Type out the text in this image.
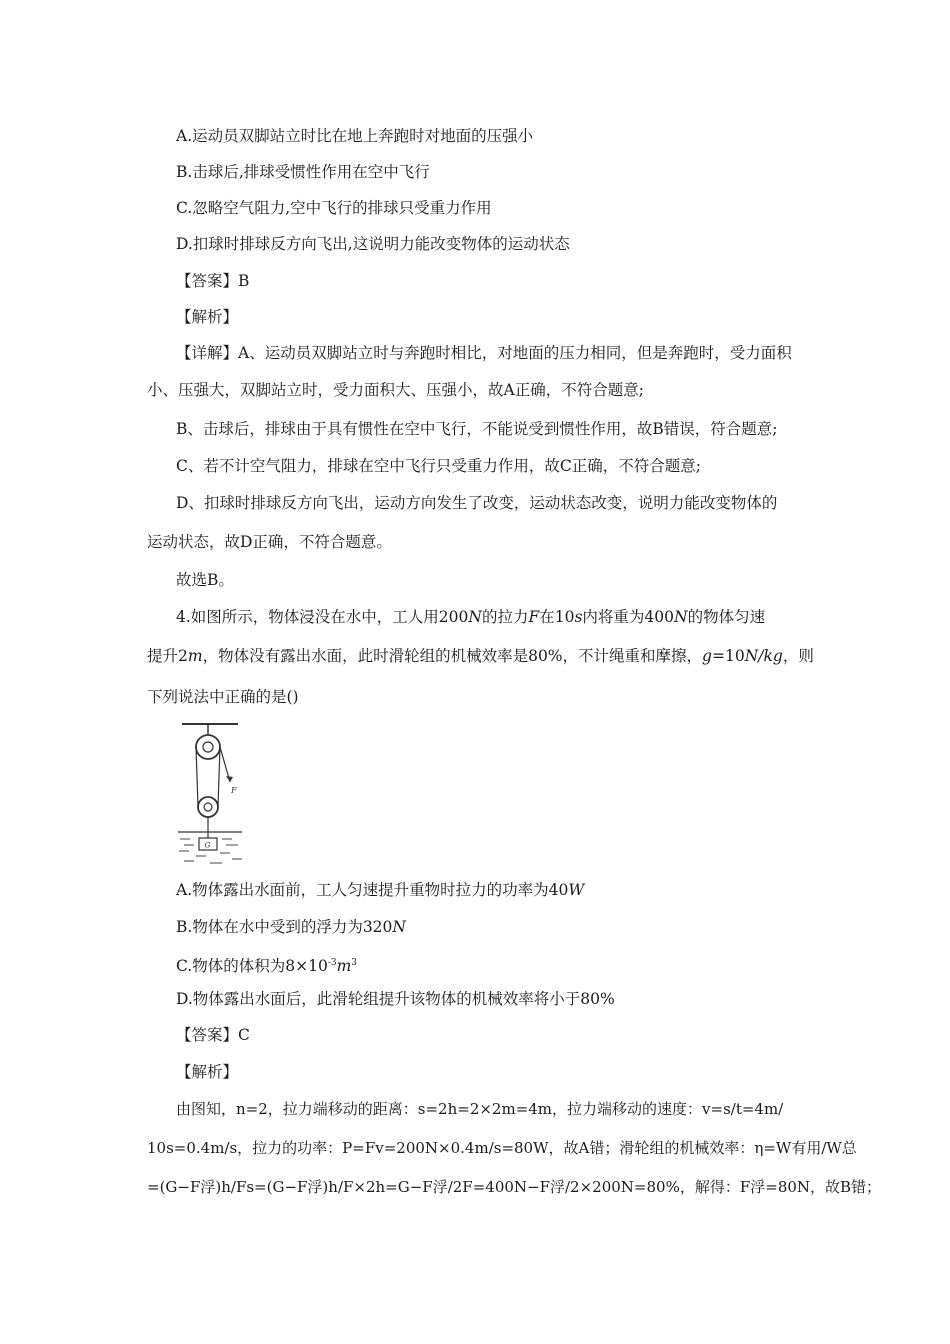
A.运动员双脚站立时比在地上奔跑时对地面的压强小
B.击球后,排球受惯性作用在空中飞行
C.忽略空气阻力,空中飞行的排球只受重力作用
D.扣球时排球反方向飞出,这说明力能改变物体的运动状态
【答案】B
【解析】
【详解】A、运动员双脚站立时与奔跑时相比，对地面的压力相同，但是奔跑时，受力面积
小、压强大，双脚站立时，受力面积大、压强小，故A正确，不符合题意;
B、击球后，排球由于具有惯性在空中飞行，不能说受到惯性作用，故B错误，符合题意;
C、若不计空气阻力，排球在空中飞行只受重力作用，故C正确，不符合题意;
D、扣球时排球反方向飞出，运动方向发生了改变，运动状态改变，说明力能改变物体的
运动状态，故D正确，不符合题意。
故选B。
4.如图所示，物体浸没在水中，工人用200N的拉力F在10s内将重为400N的物体匀速
提升2m，物体没有露出水面，此时滑轮组的机械效率是80%，不计绳重和摩擦，g=10N/kg，则
下列说法中正确的是()
F
G
A.物体露出水面前，工人匀速提升重物时拉力的功率为40W
B.物体在水中受到的浮力为320N
C.物体的体积为$8\times 10^{-3}m^3$
D.物体露出水面后，此滑轮组提升该物体的机械效率将小于80%
【答案】C
【解析】
由图知，n=2，拉力端移动的距离：s=2h=2×2m=4m，拉力端移动的速度：v=s/t=4m/
10s=0.4m/s，拉力的功率：P=Fv=200N×0.4m/s=80W，故A错；滑轮组的机械效率：η=W有用/W总
=(G−F浮)h/Fs=(G−F浮)h/F×2h=G−F浮/2F=400N−F浮/2×200N=80%，解得：F浮=80N，故B错；
